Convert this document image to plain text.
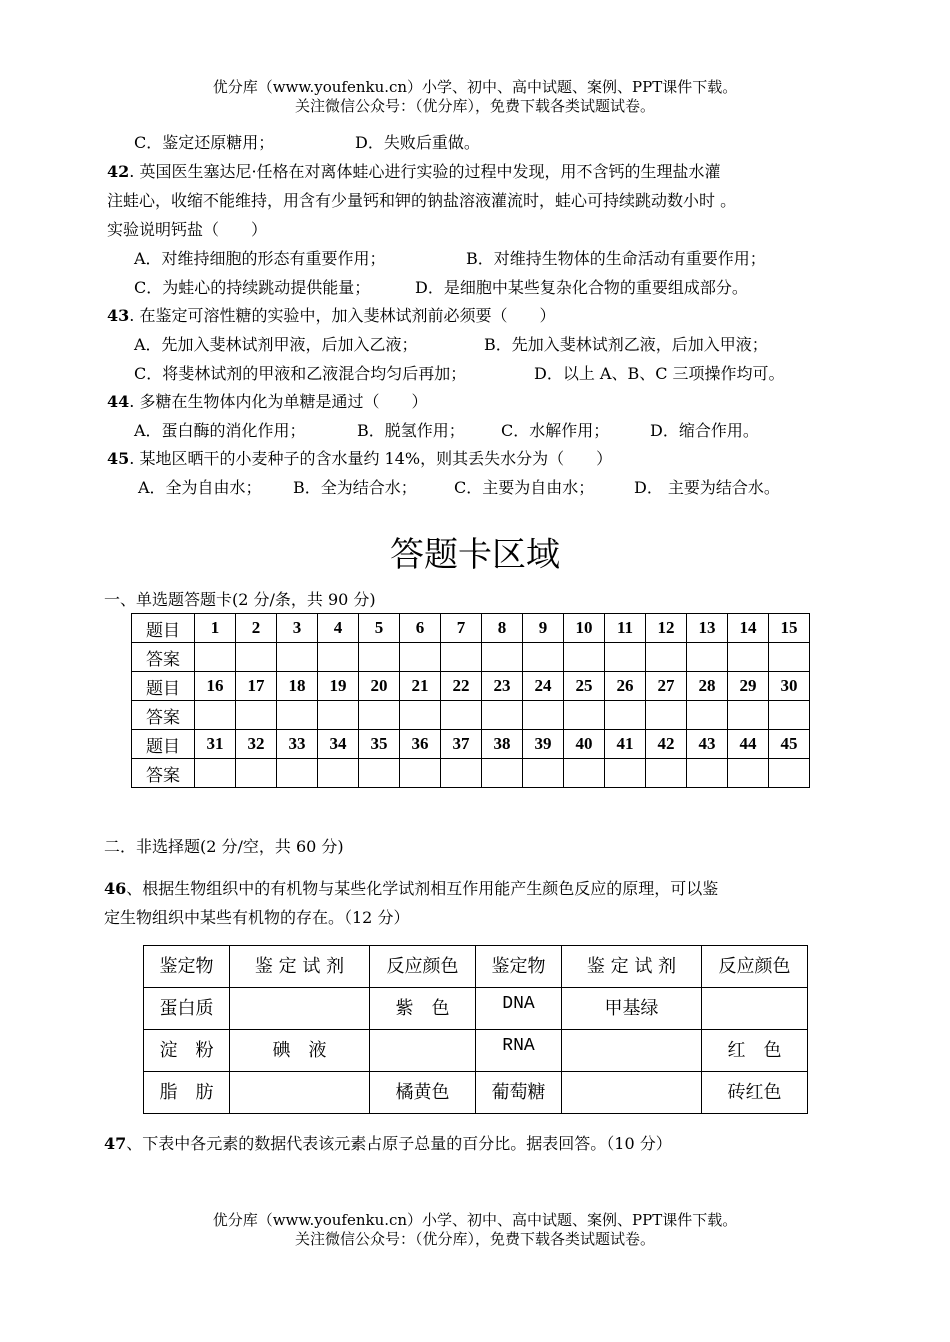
优分库（www.youfenku.cn）小学、初中、高中试题、案例、PPT课件下载。
关注微信公众号：（优分库），免费下载各类试题试卷。
C．鉴定还原糖用；	D．失败后重做。
42. 英国医生塞达尼·任格在对离体蛙心进行实验的过程中发现，用不含钙的生理盐水灌
注蛙心，收缩不能维持，用含有少量钙和钾的钠盐溶液灌流时，蛙心可持续跳动数小时 。
实验说明钙盐（　　）
A．对维持细胞的形态有重要作用；	B．对维持生物体的生命活动有重要作用；
C．为蛙心的持续跳动提供能量；	D．是细胞中某些复杂化合物的重要组成部分。
43. 在鉴定可溶性糖的实验中，加入斐林试剂前必须要（　　）
A．先加入斐林试剂甲液，后加入乙液；	B．先加入斐林试剂乙液，后加入甲液；
C．将斐林试剂的甲液和乙液混合均匀后再加；	D．以上 A、B、C 三项操作均可。
44. 多糖在生物体内化为单糖是通过（　　）
A．蛋白酶的消化作用；	B．脱氢作用； C．水解作用；	D．缩合作用。
45. 某地区晒干的小麦种子的含水量约 14%，则其丢失水分为（　　）
A．全为自由水； B．全为结合水； C．主要为自由水； D． 主要为结合水。
答题卡区域
一、单选题答题卡(2 分/条，共 90 分)
题目	1	2	3	4	5	6	7	8	9	10	11	12	13	14	15
答案															
题目	16	17	18	19	20	21	22	23	24	25	26	27	28	29	30
答案															
题目	31	32	33	34	35	36	37	38	39	40	41	42	43	44	45
答案															
二．非选择题(2 分/空，共 60 分)
46、根据生物组织中的有机物与某些化学试剂相互作用能产生颜色反应的原理，可以鉴
定生物组织中某些有机物的存在。（12 分）
鉴定物	鉴 定 试 剂	反应颜色	鉴定物	鉴 定 试 剂	反应颜色
蛋白质		紫　色	DNA	甲基绿	
淀　粉	碘　液		RNA		红　色
脂　肪		橘黄色	葡萄糖		砖红色
47、下表中各元素的数据代表该元素占原子总量的百分比。据表回答。（10 分）
优分库（www.youfenku.cn）小学、初中、高中试题、案例、PPT课件下载。
关注微信公众号：（优分库），免费下载各类试题试卷。
